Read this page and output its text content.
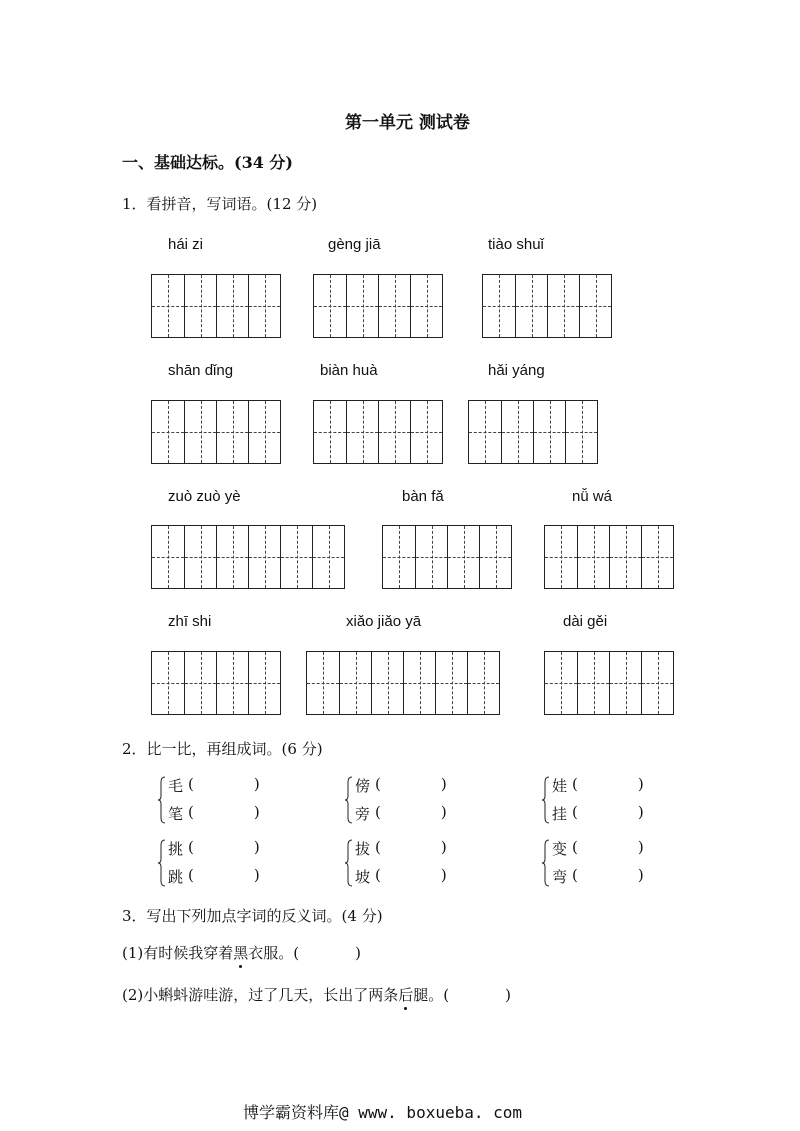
第一单元 测试卷
一、基础达标。(34 分)
1．看拼音，写词语。(12 分)
hái zi	gèng jiā	tiào shuǐ
shān dǐng	biàn huà	hǎi yáng
zuò zuò yè	bàn fǎ	nǚ wá
zhī shi	xiǎo jiǎo yā	dài gěi
2．比一比，再组成词。(6 分)
毛 (	)
笔 (	)
傍 (	)
旁 (	)
娃 (	)
挂 (	)
挑 (	)
跳 (	)
拔 (	)
坡 (	)
变 (	)
弯 (	)
3．写出下列加点字词的反义词。(4 分)
(1)有时候我穿着黑衣服。(	)
(2)小蝌蚪游哇游，过了几天，长出了两条后腿。(	)
博学霸资料库@ www. boxueba. com
